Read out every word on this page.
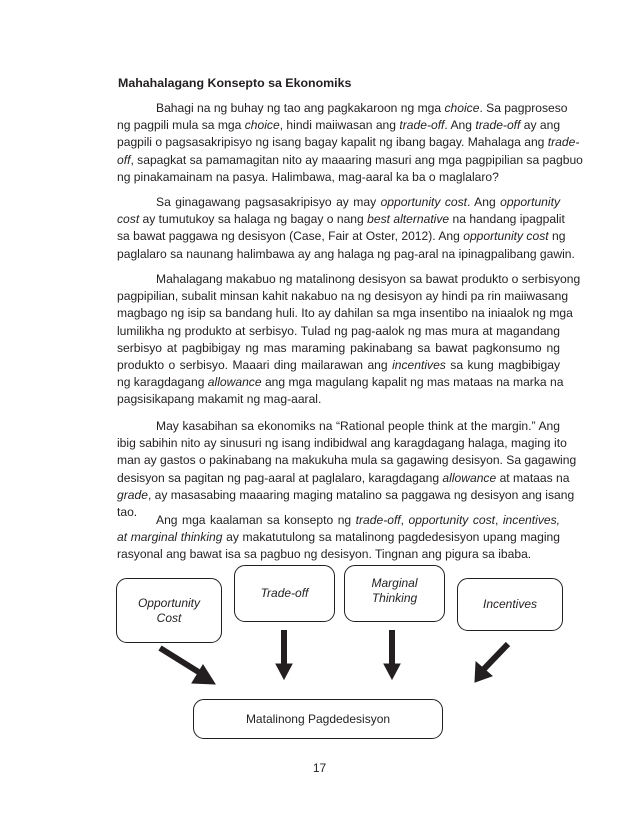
Mahahalagang Konsepto sa Ekonomiks
Bahagi na ng buhay ng tao ang pagkakaroon ng mga choice. Sa pagproseso
ng pagpili mula sa mga choice, hindi maiiwasan ang trade-off. Ang trade-off ay ang
pagpili o pagsasakripisyo ng isang bagay kapalit ng ibang bagay. Mahalaga ang trade-
off, sapagkat sa pamamagitan nito ay maaaring masuri ang mga pagpipilian sa pagbuo
ng pinakamainam na pasya. Halimbawa, mag-aaral ka ba o maglalaro?
Sa ginagawang pagsasakripisyo ay may opportunity cost. Ang opportunity
cost ay tumutukoy sa halaga ng bagay o nang best alternative na handang ipagpalit
sa bawat paggawa ng desisyon (Case, Fair at Oster, 2012). Ang opportunity cost ng
paglalaro sa naunang halimbawa ay ang halaga ng pag-aral na ipinagpalibang gawin.
Mahalagang makabuo ng matalinong desisyon sa bawat produkto o serbisyong
pagpipilian, subalit minsan kahit nakabuo na ng desisyon ay hindi pa rin maiiwasang
magbago ng isip sa bandang huli. Ito ay dahilan sa mga insentibo na iniaalok ng mga
lumilikha ng produkto at serbisyo. Tulad ng pag-aalok ng mas mura at magandang
serbisyo at pagbibigay ng mas maraming pakinabang sa bawat pagkonsumo ng
produkto o serbisyo. Maaari ding mailarawan ang incentives sa kung magbibigay
ng karagdagang allowance ang mga magulang kapalit ng mas mataas na marka na
pagsisikapang makamit ng mag-aaral.
May kasabihan sa ekonomiks na “Rational people think at the margin.” Ang
ibig sabihin nito ay sinusuri ng isang indibidwal ang karagdagang halaga, maging ito
man ay gastos o pakinabang na makukuha mula sa gagawing desisyon. Sa gagawing
desisyon sa pagitan ng pag-aaral at paglalaro, karagdagang allowance at mataas na
grade, ay masasabing maaaring maging matalino sa paggawa ng desisyon ang isang
tao.
Ang mga kaalaman sa konsepto ng trade-off, opportunity cost, incentives,
at marginal thinking ay makatutulong sa matalinong pagdedesisyon upang maging
rasyonal ang bawat isa sa pagbuo ng desisyon. Tingnan ang pigura sa ibaba.
Opportunity
Cost
Trade-off
Marginal
Thinking	Incentives
Matalinong Pagdedesisyon
17
